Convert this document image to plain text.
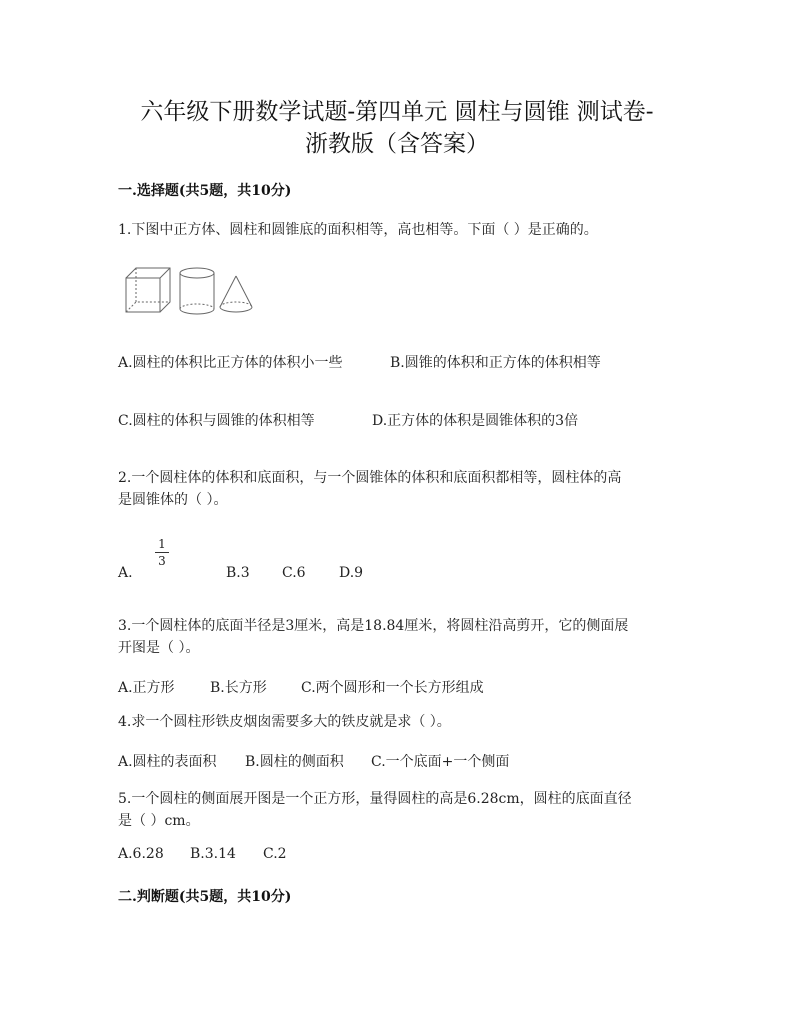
六年级下册数学试题-第四单元 圆柱与圆锥 测试卷-
浙教版（含答案）
一.选择题(共5题，共10分)
1.下图中正方体、圆柱和圆锥底的面积相等，高也相等。下面（ ）是正确的。
A.圆柱的体积比正方体的体积小一些	B.圆锥的体积和正方体的体积相等
C.圆柱的体积与圆锥的体积相等	D.正方体的体积是圆锥体积的3倍
2.一个圆柱体的体积和底面积，与一个圆锥体的体积和底面积都相等，圆柱体的高
是圆锥体的（ ）。
1
3
A.	B.3 C.6 D.9
3.一个圆柱体的底面半径是3厘米，高是18.84厘米，将圆柱沿高剪开，它的侧面展
开图是（ ）。
A.正方形	B.长方形 C.两个圆形和一个长方形组成
4.求一个圆柱形铁皮烟囱需要多大的铁皮就是求（ ）。
A.圆柱的表面积 B.圆柱的侧面积 C.一个底面+一个侧面
5.一个圆柱的侧面展开图是一个正方形，量得圆柱的高是6.28cm，圆柱的底面直径
是（ ）cm。
A.6.28 B.3.14 C.2
二.判断题(共5题，共10分)
